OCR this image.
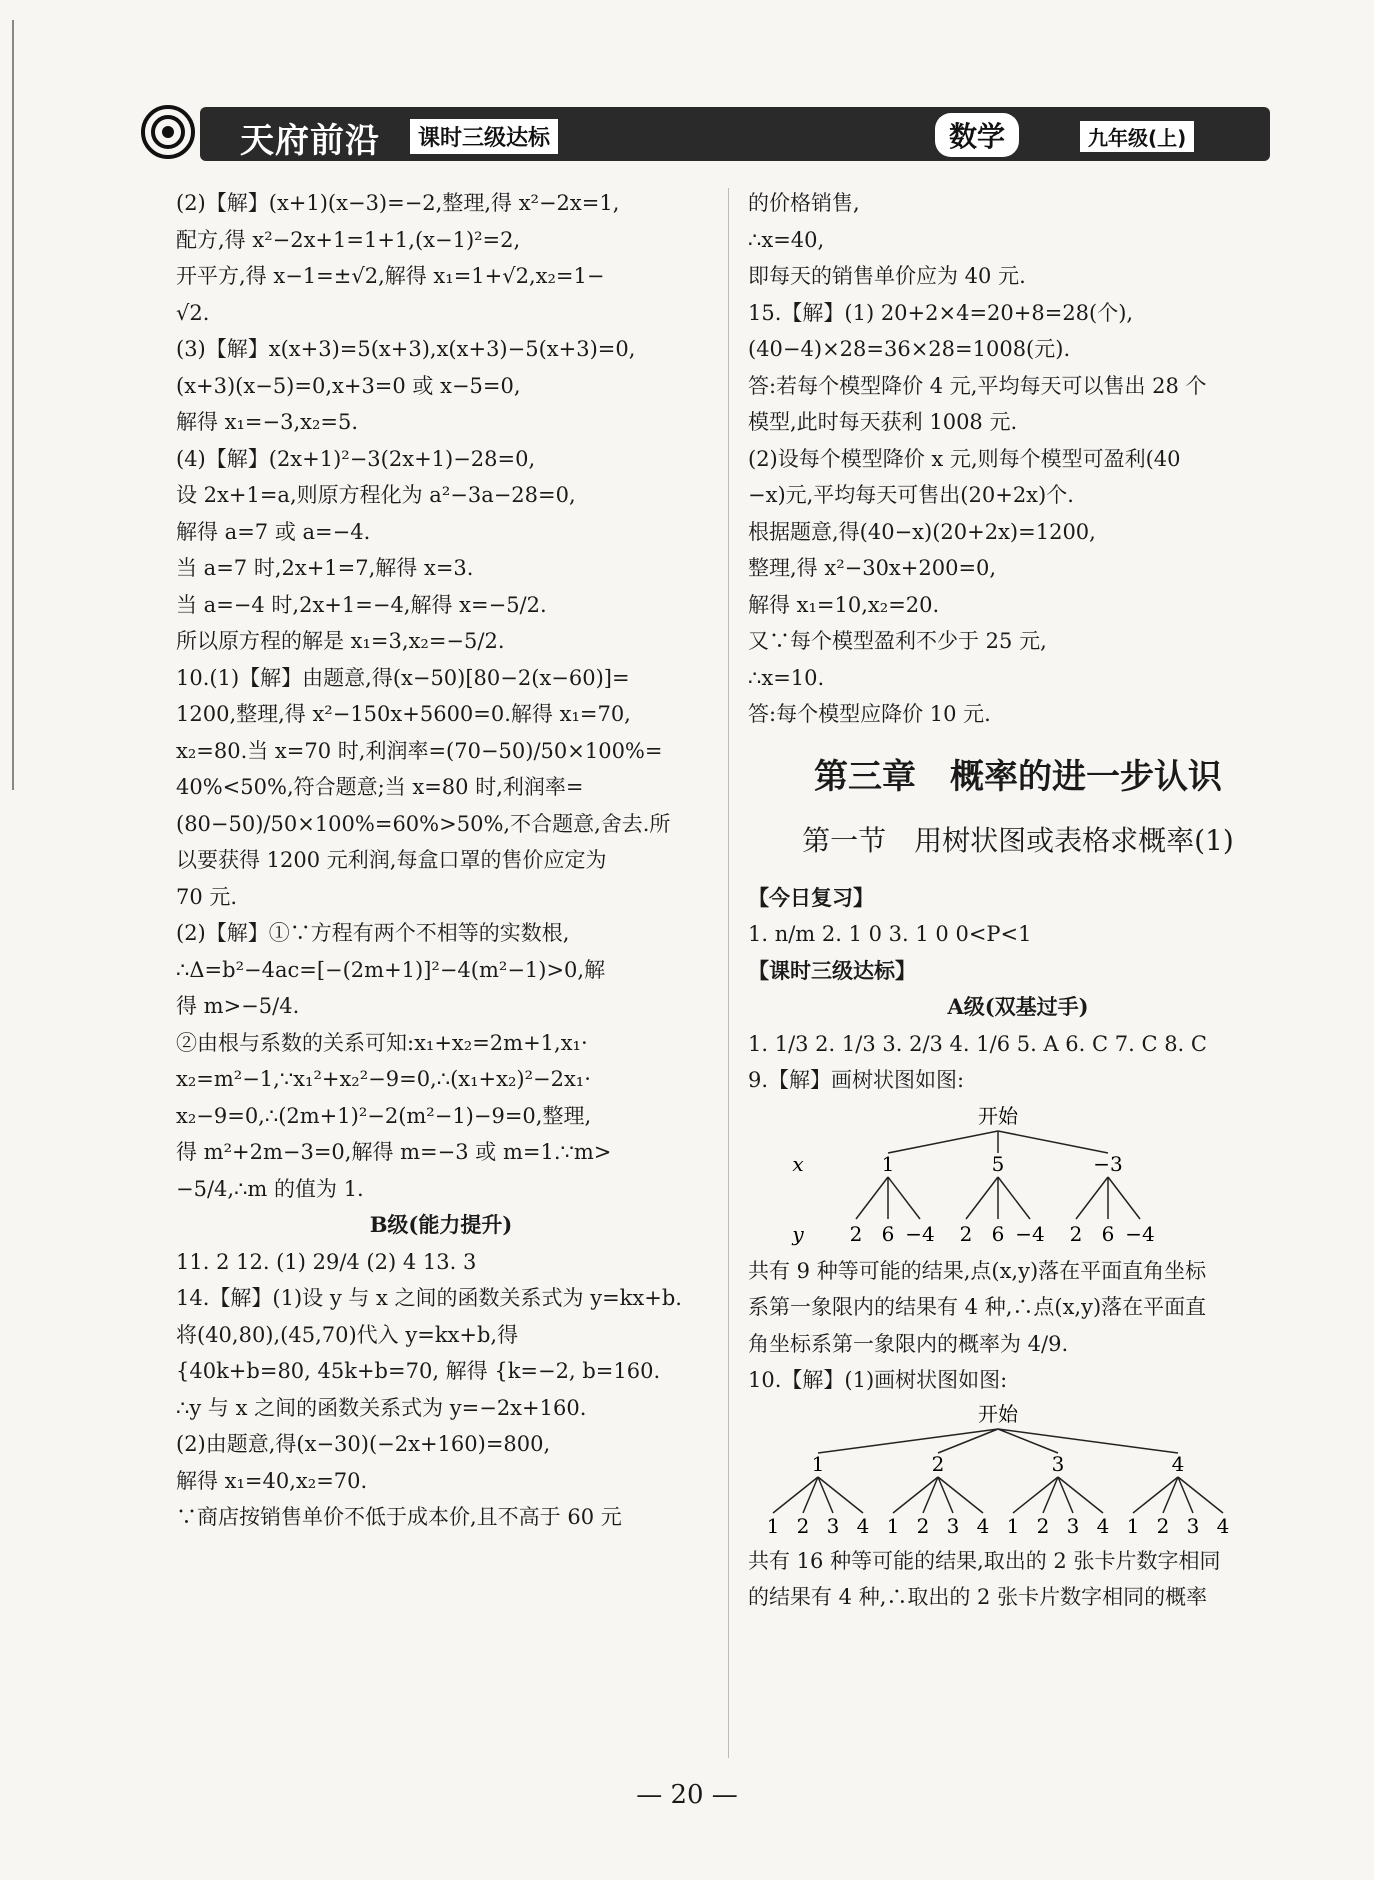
天府前沿	课时三级达标	数学	九年级(上)
(2)【解】(x+1)(x−3)=−2,整理,得 x²−2x=1,
配方,得 x²−2x+1=1+1,(x−1)²=2,
开平方,得 x−1=±√2,解得 x₁=1+√2,x₂=1−
√2.
(3)【解】x(x+3)=5(x+3),x(x+3)−5(x+3)=0,
(x+3)(x−5)=0,x+3=0 或 x−5=0,
解得 x₁=−3,x₂=5.
(4)【解】(2x+1)²−3(2x+1)−28=0,
设 2x+1=a,则原方程化为 a²−3a−28=0,
解得 a=7 或 a=−4.
当 a=7 时,2x+1=7,解得 x=3.
当 a=−4 时,2x+1=−4,解得 x=−5/2.
所以原方程的解是 x₁=3,x₂=−5/2.
10.(1)【解】由题意,得(x−50)[80−2(x−60)]=
1200,整理,得 x²−150x+5600=0.解得 x₁=70,
x₂=80.当 x=70 时,利润率=(70−50)/50×100%=
40%<50%,符合题意;当 x=80 时,利润率=
(80−50)/50×100%=60%>50%,不合题意,舍去.所
以要获得 1200 元利润,每盒口罩的售价应定为
70 元.
(2)【解】①∵方程有两个不相等的实数根,
∴Δ=b²−4ac=[−(2m+1)]²−4(m²−1)>0,解
得 m>−5/4.
②由根与系数的关系可知:x₁+x₂=2m+1,x₁·
x₂=m²−1,∵x₁²+x₂²−9=0,∴(x₁+x₂)²−2x₁·
x₂−9=0,∴(2m+1)²−2(m²−1)−9=0,整理,
得 m²+2m−3=0,解得 m=−3 或 m=1.∵m>
−5/4,∴m 的值为 1.
B级(能力提升)
11. 2 12. (1) 29/4 (2) 4 13. 3
14.【解】(1)设 y 与 x 之间的函数关系式为 y=kx+b.
将(40,80),(45,70)代入 y=kx+b,得
{40k+b=80, 45k+b=70, 解得 {k=−2, b=160.
∴y 与 x 之间的函数关系式为 y=−2x+160.
(2)由题意,得(x−30)(−2x+160)=800,
解得 x₁=40,x₂=70.
∵商店按销售单价不低于成本价,且不高于 60 元
的价格销售,
∴x=40,
即每天的销售单价应为 40 元.
15.【解】(1) 20+2×4=20+8=28(个),
(40−4)×28=36×28=1008(元).
答:若每个模型降价 4 元,平均每天可以售出 28 个
模型,此时每天获利 1008 元.
(2)设每个模型降价 x 元,则每个模型可盈利(40
−x)元,平均每天可售出(20+2x)个.
根据题意,得(40−x)(20+2x)=1200,
整理,得 x²−30x+200=0,
解得 x₁=10,x₂=20.
又∵每个模型盈利不少于 25 元,
∴x=10.
答:每个模型应降价 10 元.
第三章　概率的进一步认识
第一节　用树状图或表格求概率(1)
【今日复习】
1. n/m 2. 1 0 3. 1 0 0<P<1
【课时三级达标】
A级(双基过手)
1. 1/3 2. 1/3 3. 2/3 4. 1/6 5. A 6. C 7. C 8. C
9.【解】画树状图如图:
开始
x
y
1
2 6 −4
5
2 6 −4
−3
2 6 −4
共有 9 种等可能的结果,点(x,y)落在平面直角坐标
系第一象限内的结果有 4 种,∴点(x,y)落在平面直
角坐标系第一象限内的概率为 4/9.
10.【解】(1)画树状图如图:
开始
1
1 2 3 4
2
1 2 3 4
3
1 2 3 4
4
1 2 3 4
共有 16 种等可能的结果,取出的 2 张卡片数字相同
的结果有 4 种,∴取出的 2 张卡片数字相同的概率
— 20 —
